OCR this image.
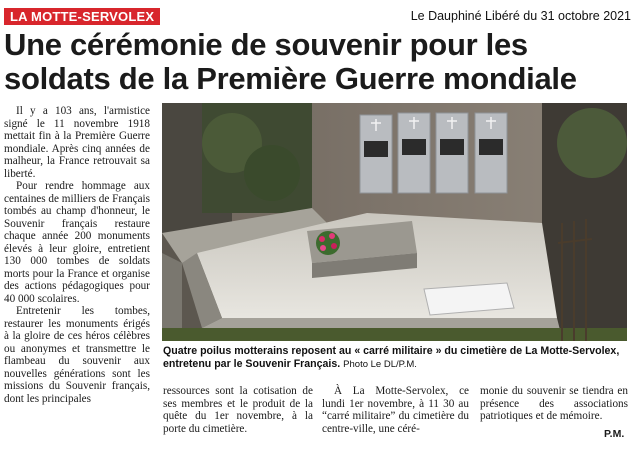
LA MOTTE-SERVOLEX	Le Dauphiné Libéré du 31 octobre 2021
Une cérémonie de souvenir pour les soldats de la Première Guerre mondiale

Il y a 103 ans, l'armistice signé le 11 novembre 1918 mettait fin à la Première Guerre mondiale. Après cinq années de malheur, la France retrouvait sa liberté.

Pour rendre hommage aux centaines de milliers de Français tombés au champ d'honneur, le Souvenir français restaure chaque année 200 monuments élevés à leur gloire, entretient 130 000 tombes de soldats morts pour la France et organise des actions pédagogiques pour 40 000 scolaires.

Entretenir les tombes, restaurer les monuments érigés à la gloire de ces héros célèbres ou anonymes et transmettre le flambeau du souvenir aux nouvelles générations sont les missions du Souvenir français, dont les principales

Quatre poilus motterains reposent au « carré militaire » du cimetière de La Motte-Servolex, entretenu par le Souvenir Français. Photo Le DL/P.M.

ressources sont la cotisation de ses membres et le produit de la quête du 1er novembre, à la porte du cimetière.

À La Motte-Servolex, ce lundi 1er novembre, à 11 30 au “carré militaire” du cimetière du centre-ville, une céré-

monie du souvenir se tiendra en présence des associations patriotiques et de mémoire.

P.M.
